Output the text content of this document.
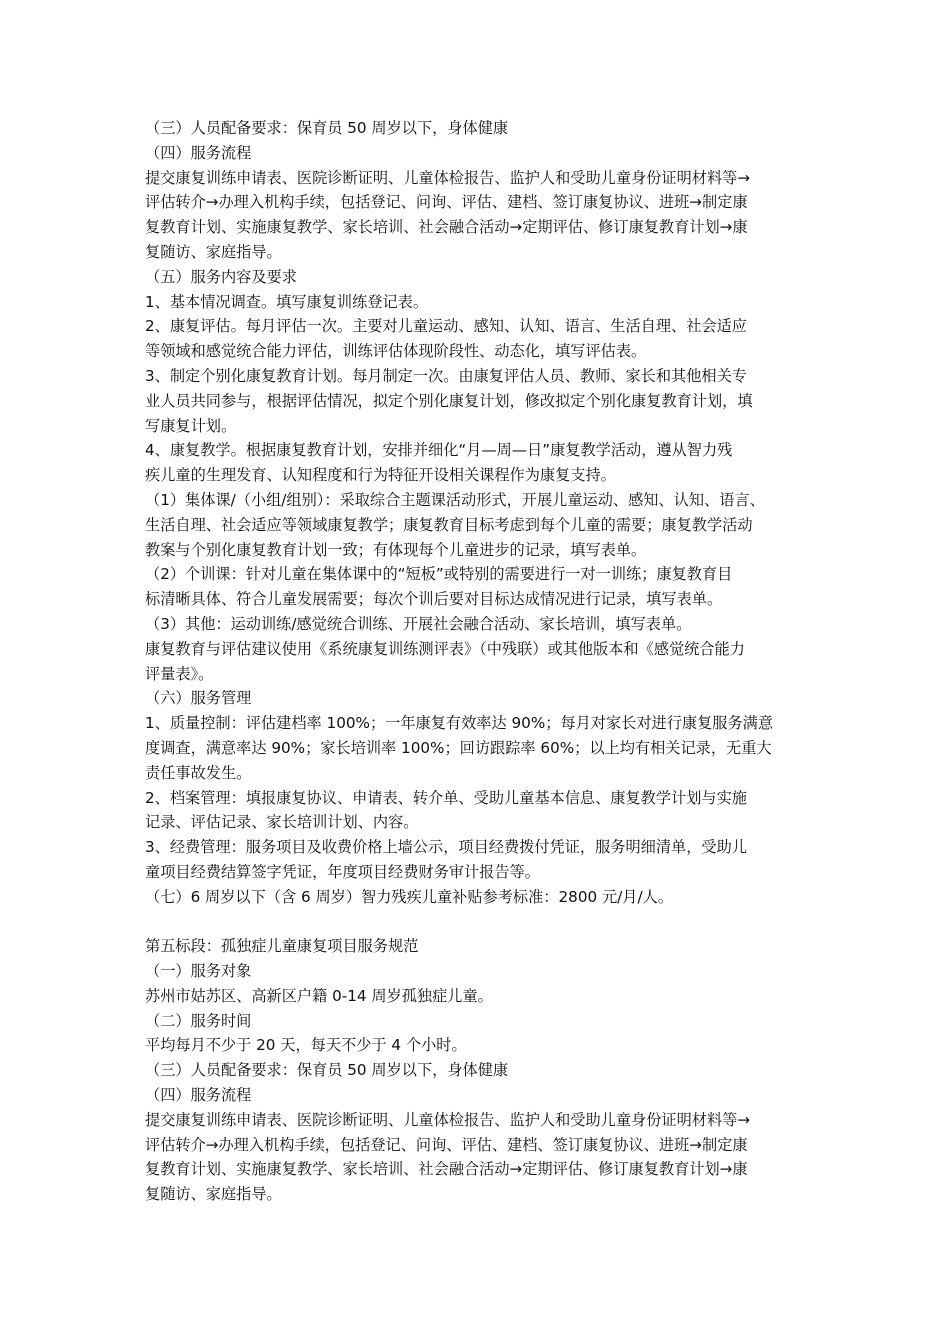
（三）人员配备要求：保育员 50 周岁以下，身体健康

（四）服务流程

提交康复训练申请表、医院诊断证明、儿童体检报告、监护人和受助儿童身份证明材料等→

评估转介→办理入机构手续，包括登记、问询、评估、建档、签订康复协议、进班→制定康

复教育计划、实施康复教学、家长培训、社会融合活动→定期评估、修订康复教育计划→康

复随访、家庭指导。

（五）服务内容及要求

1、基本情况调查。填写康复训练登记表。

2、康复评估。每月评估一次。主要对儿童运动、感知、认知、语言、生活自理、社会适应

等领域和感觉统合能力评估，训练评估体现阶段性、动态化，填写评估表。

3、制定个别化康复教育计划。每月制定一次。由康复评估人员、教师、家长和其他相关专

业人员共同参与，根据评估情况，拟定个别化康复计划，修改拟定个别化康复教育计划，填

写康复计划。

4、康复教学。根据康复教育计划，安排并细化“月—周—日”康复教学活动，遵从智力残

疾儿童的生理发育、认知程度和行为特征开设相关课程作为康复支持。

（1）集体课/（小组/组别）：采取综合主题课活动形式，开展儿童运动、感知、认知、语言、

生活自理、社会适应等领域康复教学；康复教育目标考虑到每个儿童的需要；康复教学活动

教案与个别化康复教育计划一致；有体现每个儿童进步的记录，填写表单。

（2）个训课：针对儿童在集体课中的“短板”或特别的需要进行一对一训练；康复教育目

标清晰具体、符合儿童发展需要；每次个训后要对目标达成情况进行记录，填写表单。

（3）其他：运动训练/感觉统合训练、开展社会融合活动、家长培训，填写表单。

康复教育与评估建议使用《系统康复训练测评表》（中残联）或其他版本和《感觉统合能力

评量表》。

（六）服务管理

1、质量控制：评估建档率 100%；一年康复有效率达 90%；每月对家长对进行康复服务满意

度调查，满意率达 90%；家长培训率 100%；回访跟踪率 60%；以上均有相关记录，无重大

责任事故发生。

2、档案管理：填报康复协议、申请表、转介单、受助儿童基本信息、康复教学计划与实施

记录、评估记录、家长培训计划、内容。

3、经费管理：服务项目及收费价格上墙公示，项目经费拨付凭证，服务明细清单，受助儿

童项目经费结算签字凭证，年度项目经费财务审计报告等。

（七）6 周岁以下（含 6 周岁）智力残疾儿童补贴参考标准：2800 元/月/人。

第五标段：孤独症儿童康复项目服务规范

（一）服务对象

苏州市姑苏区、高新区户籍 0-14 周岁孤独症儿童。

（二）服务时间

平均每月不少于 20 天，每天不少于 4 个小时。

（三）人员配备要求：保育员 50 周岁以下，身体健康

（四）服务流程

提交康复训练申请表、医院诊断证明、儿童体检报告、监护人和受助儿童身份证明材料等→

评估转介→办理入机构手续，包括登记、问询、评估、建档、签订康复协议、进班→制定康

复教育计划、实施康复教学、家长培训、社会融合活动→定期评估、修订康复教育计划→康

复随访、家庭指导。
